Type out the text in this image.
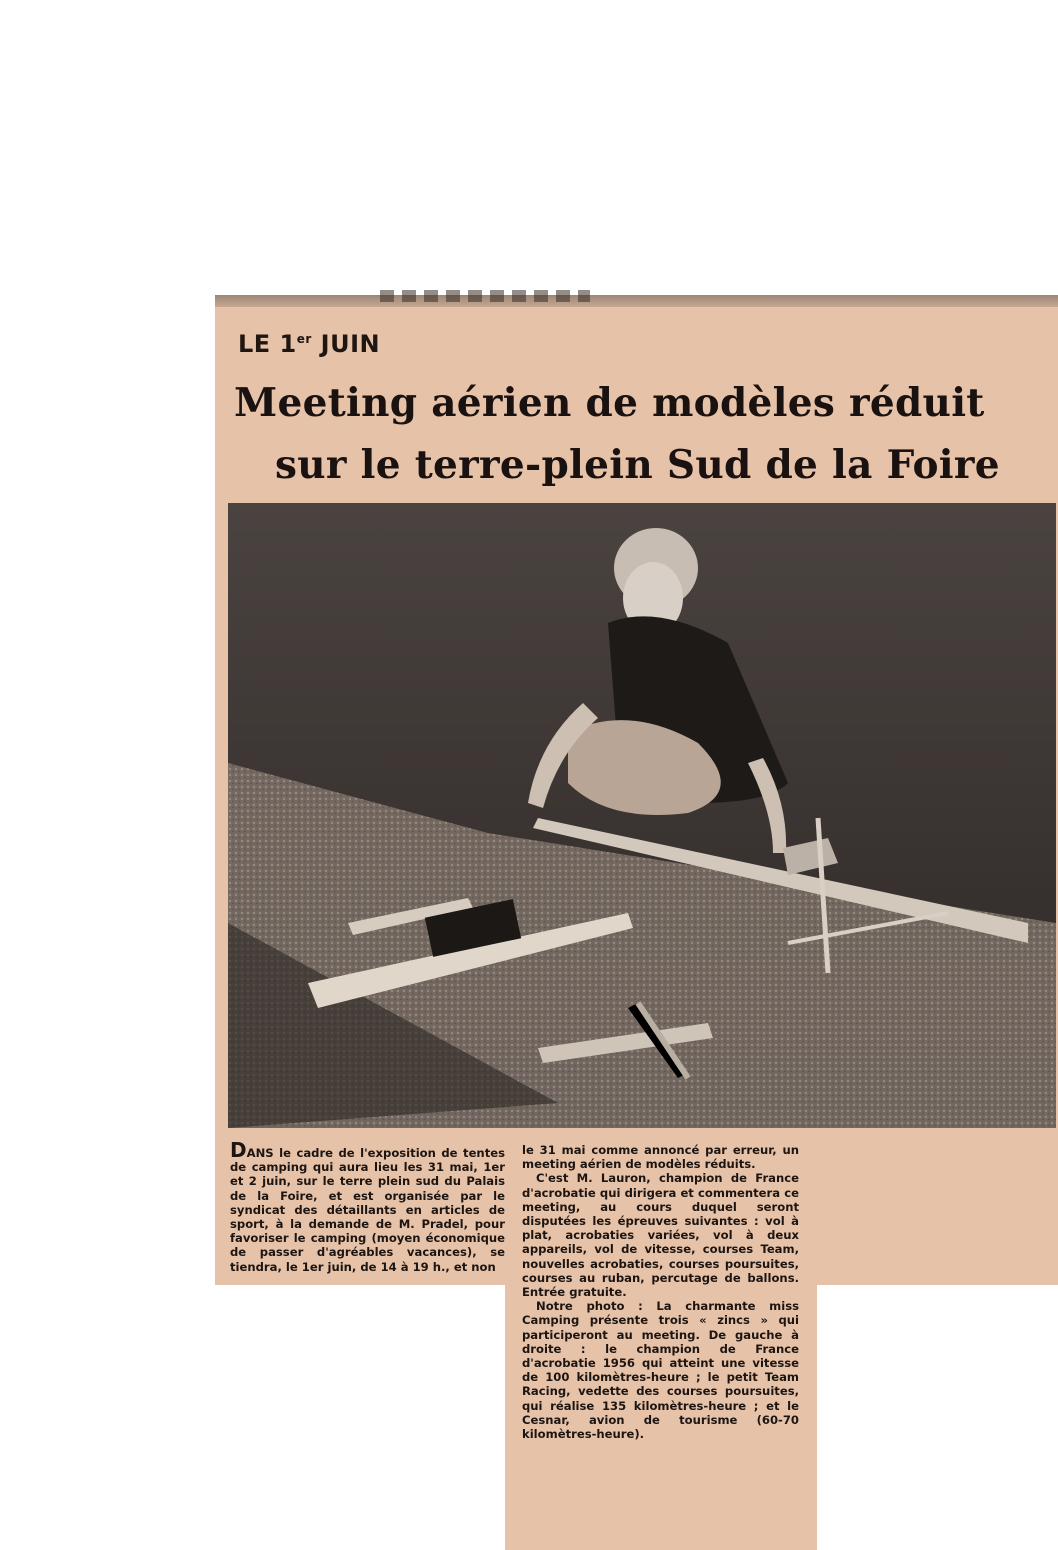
LE 1er JUIN
Meeting aérien de modèles réduit
sur le terre-plein Sud de la Foire

DANS le cadre de l'exposition de tentes de camping qui aura lieu les 31 mai, 1er et 2 juin, sur le terre plein sud du Palais de la Foire, et est organisée par le syndicat des détaillants en articles de sport, à la demande de M. Pradel, pour favoriser le camping (moyen économique de passer d'agréables vacances), se tiendra, le 1er juin, de 14 à 19 h., et non

le 31 mai comme annoncé par erreur, un meeting aérien de modèles réduits.

C'est M. Lauron, champion de France d'acrobatie qui dirigera et commentera ce meeting, au cours duquel seront disputées les épreuves suivantes : vol à plat, acrobaties variées, vol à deux appareils, vol de vitesse, courses Team, nouvelles acrobaties, courses poursuites, courses au ruban, percutage de ballons. Entrée gratuite.

Notre photo : La charmante miss Camping présente trois « zincs » qui participeront au meeting. De gauche à droite : le champion de France d'acrobatie 1956 qui atteint une vitesse de 100 kilomètres-heure ; le petit Team Racing, vedette des courses poursuites, qui réalise 135 kilomètres-heure ; et le Cesnar, avion de tourisme (60-70 kilomètres-heure).
